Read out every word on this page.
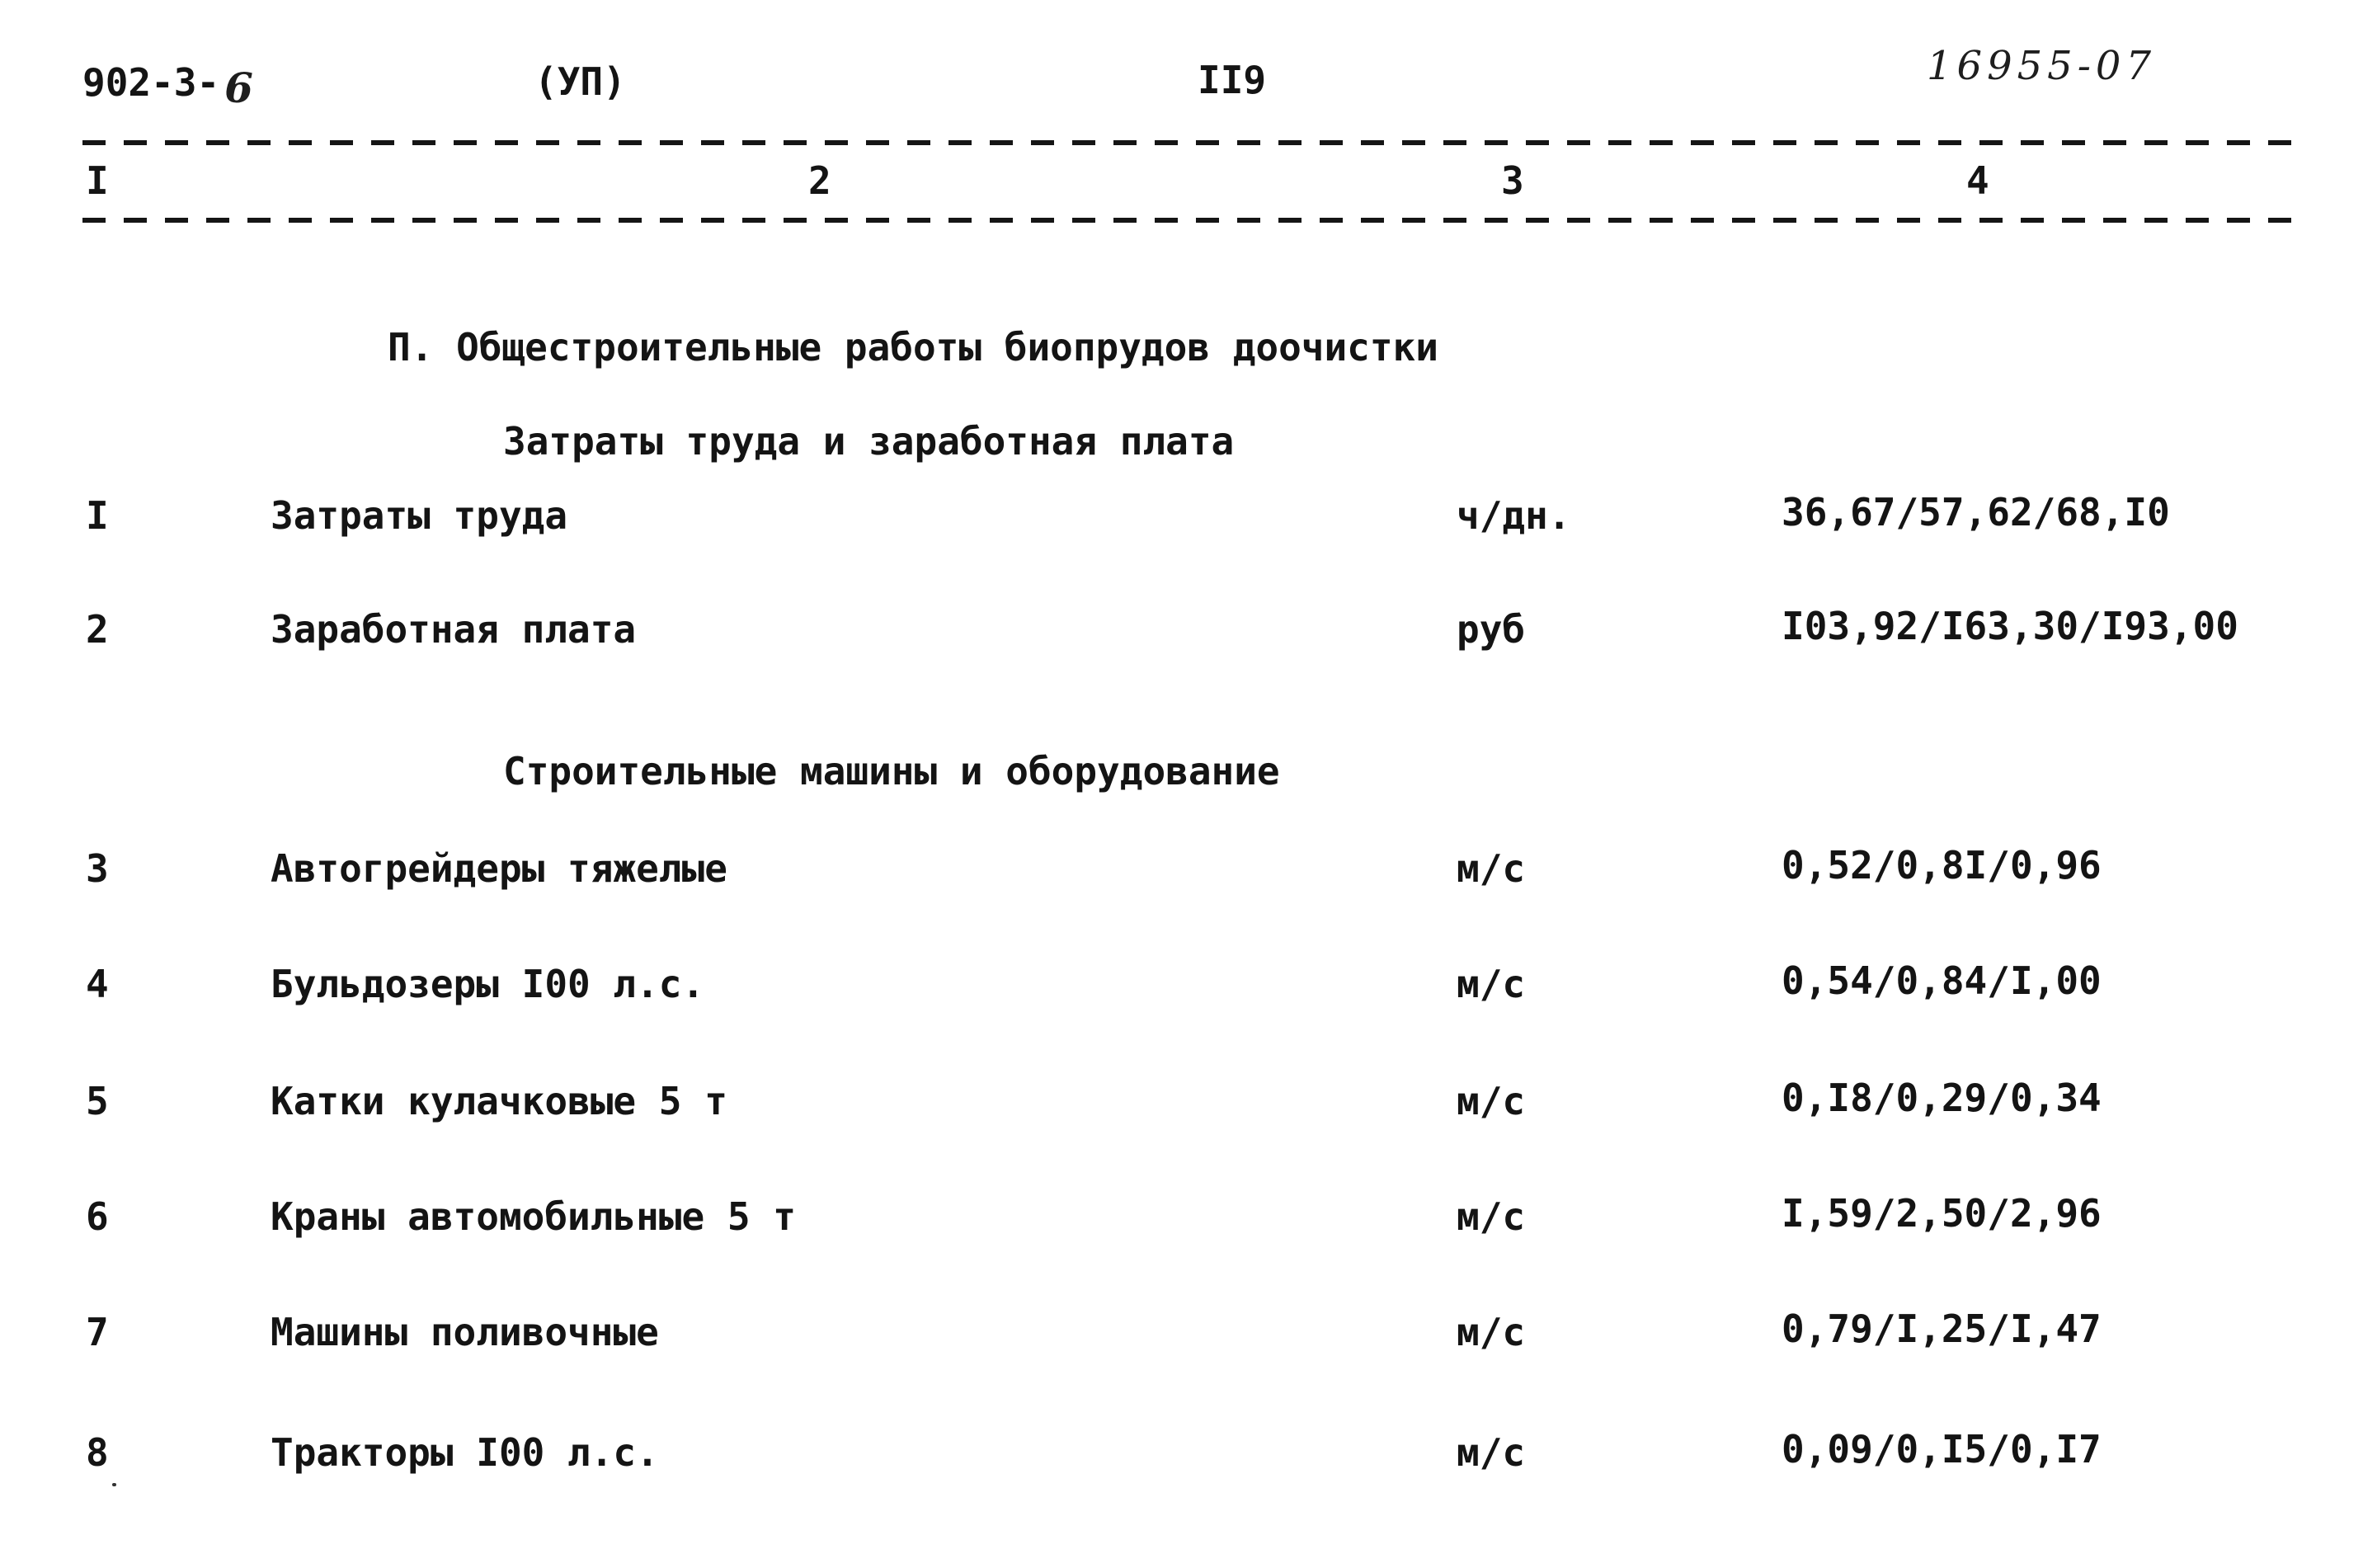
902-3- 6	(УП)	II9	16955-07
I	2	3	4
П. Общестроительные работы биопрудов доочистки
Затраты труда и заработная плата
I	Затраты труда	ч/дн.	36,67/57,62/68,I0
2	Заработная плата	руб	I03,92/I63,30/I93,00
Строительные машины и оборудование
3	Автогрейдеры тяжелые	м/с	0,52/0,8I/0,96
4	Бульдозеры I00 л.с.	м/с	0,54/0,84/I,00
5	Катки кулачковые 5 т	м/с	0,I8/0,29/0,34
6	Краны автомобильные 5 т	м/с	I,59/2,50/2,96
7	Машины поливочные	м/с	0,79/I,25/I,47
8	Тракторы I00 л.с.	м/с	0,09/0,I5/0,I7
